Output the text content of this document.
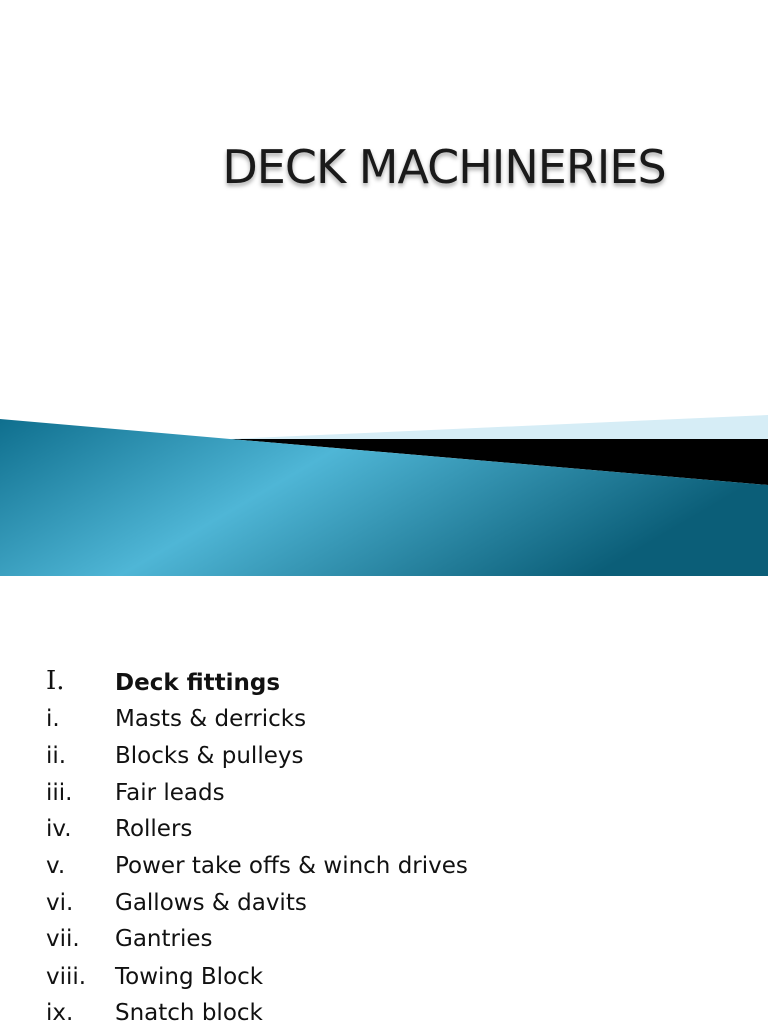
DECK MACHINERIES
I. Deck fittings
i. Masts & derricks
ii. Blocks & pulleys
iii. Fair leads
iv. Rollers
v. Power take offs & winch drives
vi. Gallows & davits
vii. Gantries
viii. Towing Block
ix. Snatch block
